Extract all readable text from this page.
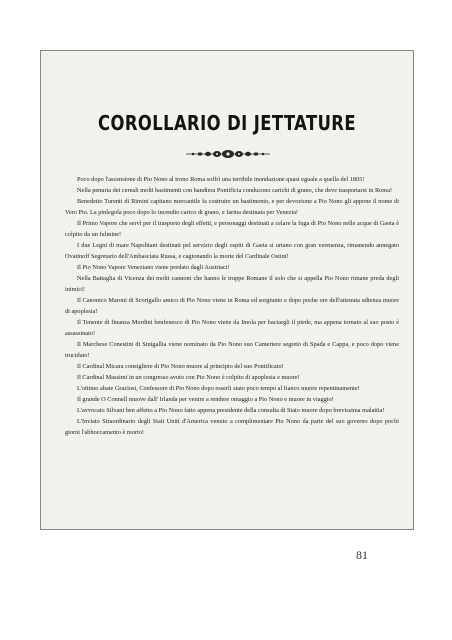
COROLLARIO DI JETTATURE

Poco dopo l'ascensione di Pio Nono al trono Roma soffrì una terribile inondazione quasi eguale a quella del 1805!

Nella penuria dei cereali molti bastimenti con bandiera Pontificia conducono carichi di grano, che deve trasportarsi in Roma!

Benedetto Turenti di Rimini capitano mercantile fa costruire un bastimento, e per devozione a Pio Nono gli appone il nome di Vero Pio. La pinlegola poco dopo lo incendio carico di grano, e farina destinata per Venezia!

Il Primo Vapore che servì per il trasporto degli effetti, e personaggi destinati a celare la fuga di Pio Nono nelle acque di Gaeta è colpito da un fulmine!

I due Legni di mare Napolitani destinati pel servizio degli ospiti di Gaeta si urtano con gran veemenza, rimanendo annegato Ovatinoff Segretario dell'Ambasciata Russa, e cagionando la morte del Cardinale Ostini!

Il Pio Nono Vapore Veneziano viene predato dagli Austriaci!

Nella Battaglia di Vicenza dei molti cannoni che hanno le truppe Romane il solo che si appella Pio Nono rimane preda degli inimici!

Il Canonico Maroni di Scorigallo amico di Pio Nono viene in Roma ed sorgiunto e dopo poche ore dell'attenuta udienza muore di apoplesia!

Il Tenente di finanza Mordini benfenesco di Pio Nono viene da Imola per baciargli il piede, ma appena tornato al suo posto è assassinato!

Il Marchese Conestini di Sinigallia viene nominato da Pio Nono suo Cameriere segreto di Spada e Cappa, e poco dopo viene trucidato!

Il Cardinal Micara consigliere di Pio Nono muore al principio del suo Pontificato!

Il Cardinal Massimi in un congresso avuto con Pio Nono è colpito di apoplesia e muore!

L'ottimo abate Graziosi, Confessore di Pio Nono dopo esserli stato poco tempo al fianco muore repentinamente!

Il grande O Connell muove dall' Irlanda per venire a rendere omaggio a Pio Nono e muore in viaggio!

L'avvocato Silvani ben affetto a Pio Nono fatto appena presidente della consulta di Stato muore dopo brevissima malattia!

L'Inviato Straordinario degli Stati Uniti d'America venuto a complimentare Pio Nono da parte del suo governo dopo pochi giorni l'abboccamento è morto!

81
